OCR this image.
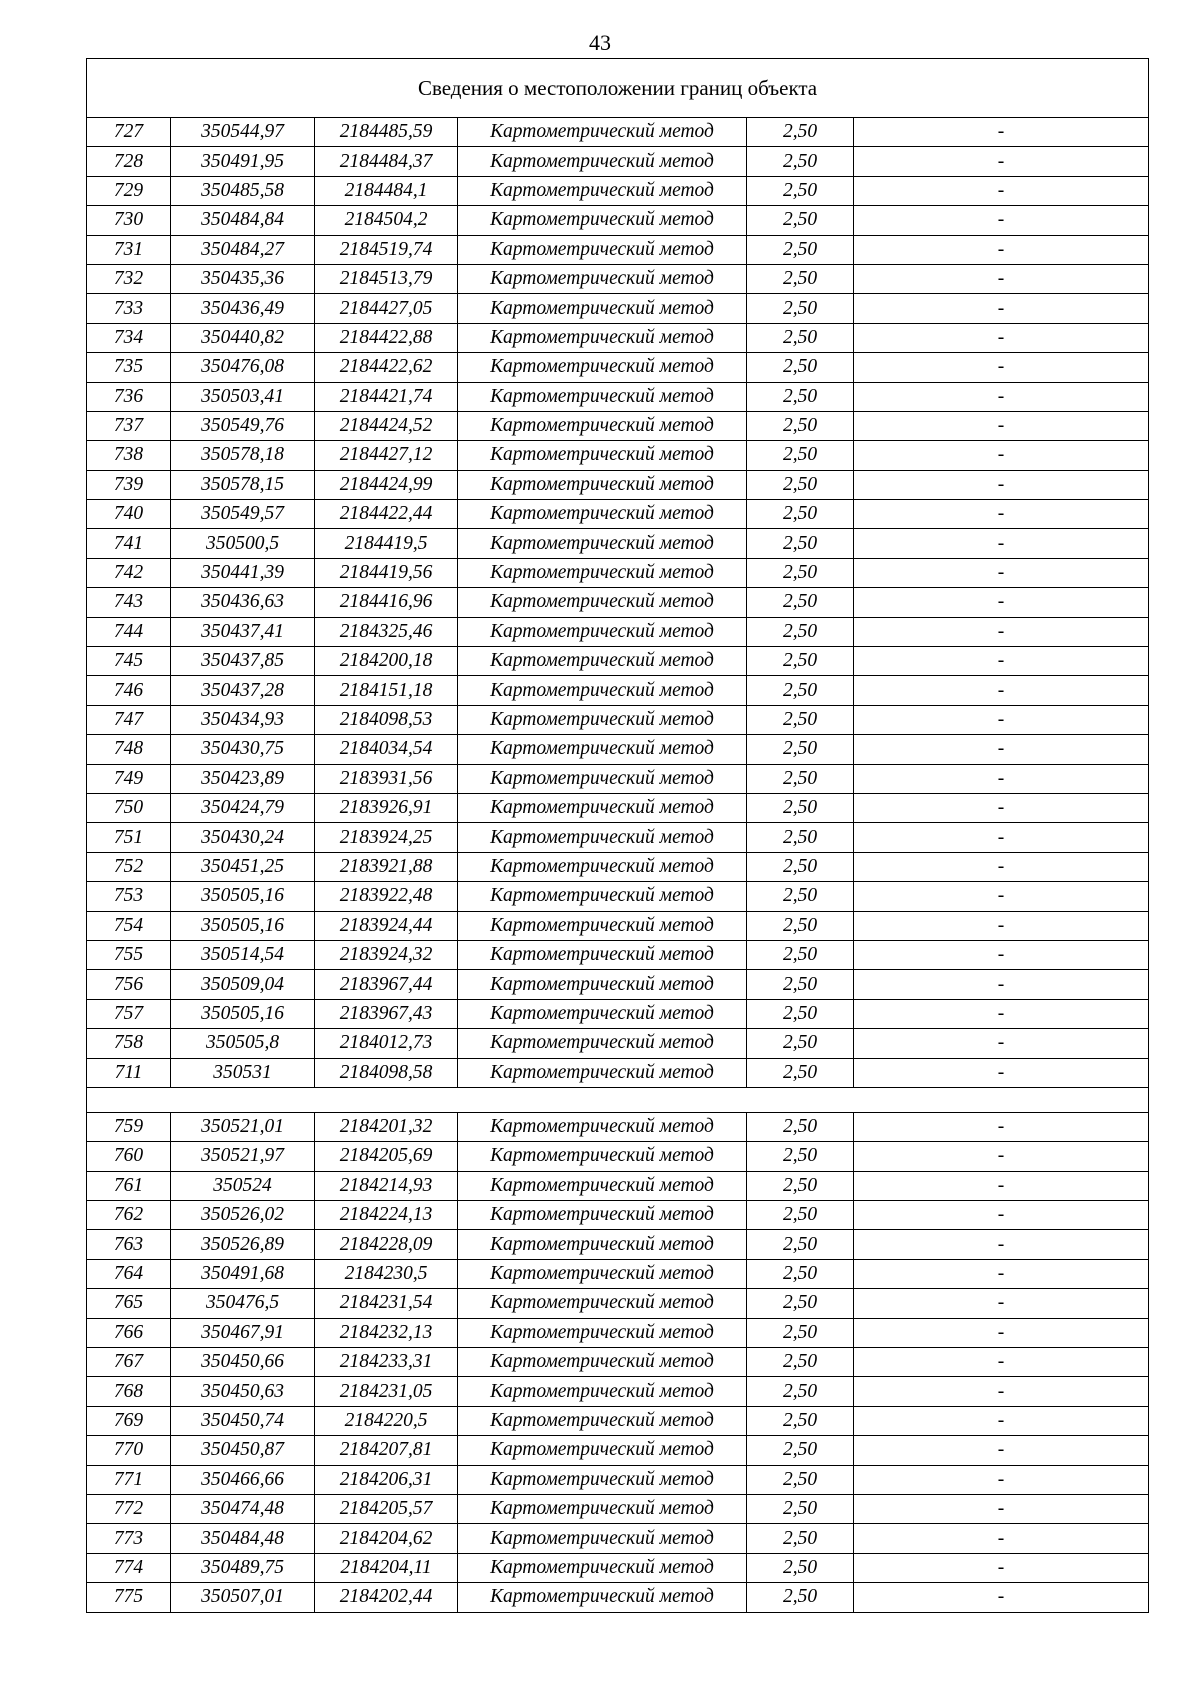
43
Сведения о местоположении границ объекта					
727	350544,97	2184485,59	Картометрический метод	2,50	-
728	350491,95	2184484,37	Картометрический метод	2,50	-
729	350485,58	2184484,1	Картометрический метод	2,50	-
730	350484,84	2184504,2	Картометрический метод	2,50	-
731	350484,27	2184519,74	Картометрический метод	2,50	-
732	350435,36	2184513,79	Картометрический метод	2,50	-
733	350436,49	2184427,05	Картометрический метод	2,50	-
734	350440,82	2184422,88	Картометрический метод	2,50	-
735	350476,08	2184422,62	Картометрический метод	2,50	-
736	350503,41	2184421,74	Картометрический метод	2,50	-
737	350549,76	2184424,52	Картометрический метод	2,50	-
738	350578,18	2184427,12	Картометрический метод	2,50	-
739	350578,15	2184424,99	Картометрический метод	2,50	-
740	350549,57	2184422,44	Картометрический метод	2,50	-
741	350500,5	2184419,5	Картометрический метод	2,50	-
742	350441,39	2184419,56	Картометрический метод	2,50	-
743	350436,63	2184416,96	Картометрический метод	2,50	-
744	350437,41	2184325,46	Картометрический метод	2,50	-
745	350437,85	2184200,18	Картометрический метод	2,50	-
746	350437,28	2184151,18	Картометрический метод	2,50	-
747	350434,93	2184098,53	Картометрический метод	2,50	-
748	350430,75	2184034,54	Картометрический метод	2,50	-
749	350423,89	2183931,56	Картометрический метод	2,50	-
750	350424,79	2183926,91	Картометрический метод	2,50	-
751	350430,24	2183924,25	Картометрический метод	2,50	-
752	350451,25	2183921,88	Картометрический метод	2,50	-
753	350505,16	2183922,48	Картометрический метод	2,50	-
754	350505,16	2183924,44	Картометрический метод	2,50	-
755	350514,54	2183924,32	Картометрический метод	2,50	-
756	350509,04	2183967,44	Картометрический метод	2,50	-
757	350505,16	2183967,43	Картометрический метод	2,50	-
758	350505,8	2184012,73	Картометрический метод	2,50	-
711	350531	2184098,58	Картометрический метод	2,50	-

759	350521,01	2184201,32	Картометрический метод	2,50	-
760	350521,97	2184205,69	Картометрический метод	2,50	-
761	350524	2184214,93	Картометрический метод	2,50	-
762	350526,02	2184224,13	Картометрический метод	2,50	-
763	350526,89	2184228,09	Картометрический метод	2,50	-
764	350491,68	2184230,5	Картометрический метод	2,50	-
765	350476,5	2184231,54	Картометрический метод	2,50	-
766	350467,91	2184232,13	Картометрический метод	2,50	-
767	350450,66	2184233,31	Картометрический метод	2,50	-
768	350450,63	2184231,05	Картометрический метод	2,50	-
769	350450,74	2184220,5	Картометрический метод	2,50	-
770	350450,87	2184207,81	Картометрический метод	2,50	-
771	350466,66	2184206,31	Картометрический метод	2,50	-
772	350474,48	2184205,57	Картометрический метод	2,50	-
773	350484,48	2184204,62	Картометрический метод	2,50	-
774	350489,75	2184204,11	Картометрический метод	2,50	-
775	350507,01	2184202,44	Картометрический метод	2,50	-
